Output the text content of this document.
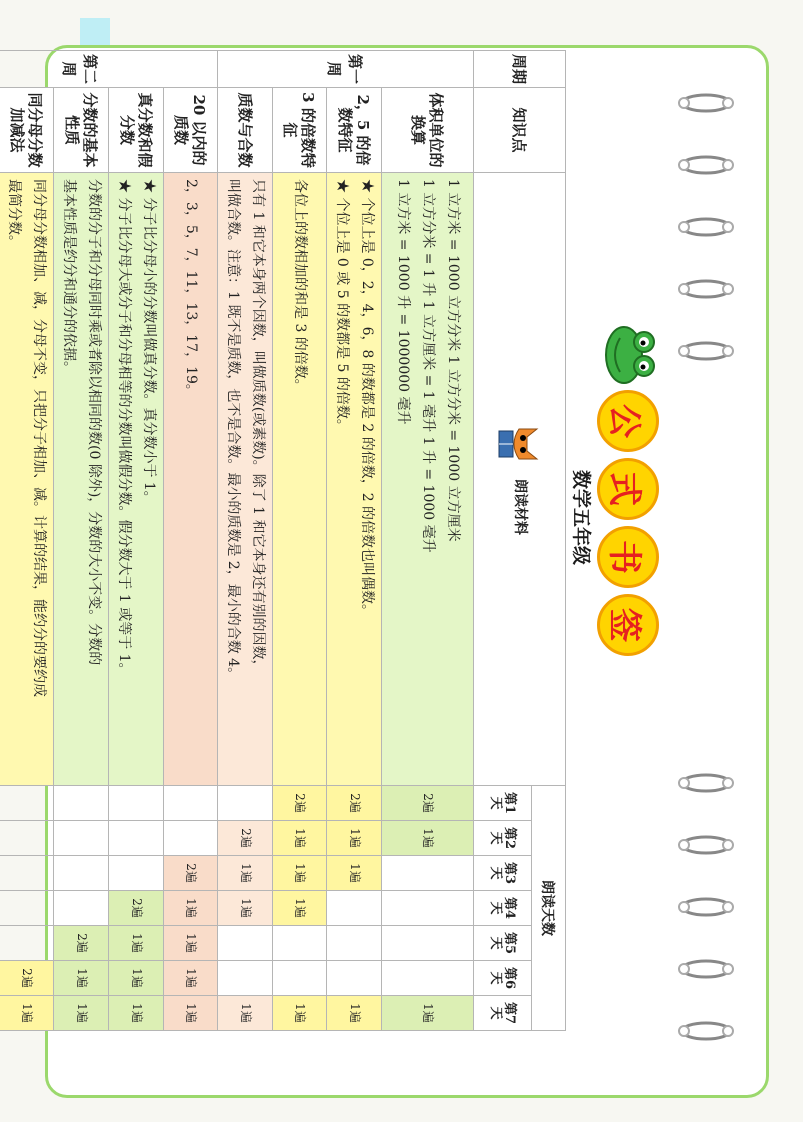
公
式
书
签
数学五年级
周期	知识点	朗读材料	朗读天数						
			第1天	第2天	第3天	第4天	第5天	第6天	第7天
第一周	体积单位的换算	1 立方米 = 1000 立方分米 1 立方分米 = 1000 立方厘米
1 立方分米 = 1 升 1 立方厘米 = 1 毫升 1 升 = 1000 毫升
1 立方米 = 1000 升 = 1000000 毫升	2遍	1遍					1遍
	2，5 的倍数特征	★ 个位上是 0，2，4，6，8 的数都是 2 的倍数，2 的倍数也叫偶数。
★ 个位上是 0 或 5 的数都是 5 的倍数。	2遍	1遍	1遍				1遍
	3 的倍数特征	各位上的数相加的和是 3 的倍数。	2遍	1遍	1遍	1遍			1遍
	质数与合数	只有 1 和它本身两个因数，叫做质数(或素数)。除了 1 和它本身还有别的因数，
叫做合数。注意：1 既不是质数，也不是合数。最小的质数是 2，最小的合数 4。		2遍	1遍	1遍			1遍
第二周	20 以内的质数	2，3，5，7，11，13，17，19。			2遍	1遍	1遍	1遍	1遍
	真分数和假分数	★ 分子比分母小的分数叫做真分数。真分数小于 1。
★ 分子比分母大或分子和分母相等的分数叫做假分数。假分数大于 1 或等于 1。				2遍	1遍	1遍	1遍
	分数的基本性质	分数的分子和分母同时乘或者除以相同的数(0 除外)，分数的大小不变。分数的
基本性质是约分和通分的依据。					2遍	1遍	1遍
	同分母分数加减法	同分母分数相加、减，分母不变，只把分子相加、减。计算的结果，能约分的要约成
最简分数。						2遍	1遍
